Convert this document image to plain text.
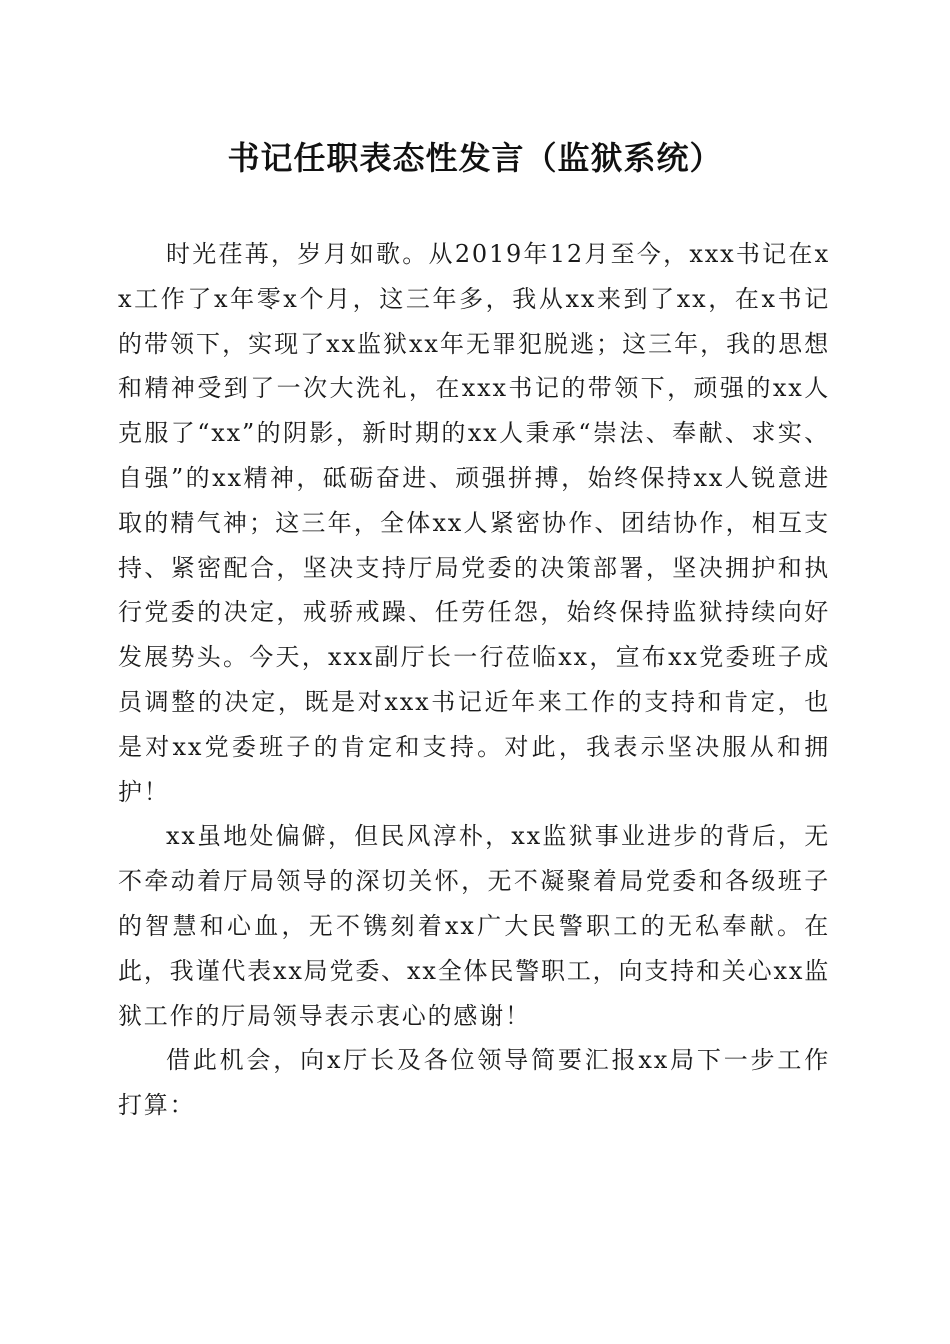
书记任职表态性发言（监狱系统）

时光荏苒，岁月如歌。从2019年12月至今，xxx书记在xx工作了x年零x个月，这三年多，我从xx来到了xx，在x书记的带领下，实现了xx监狱xx年无罪犯脱逃；这三年，我的思想和精神受到了一次大洗礼，在xxx书记的带领下，顽强的xx人克服了“xx”的阴影，新时期的xx人秉承“崇法、奉献、求实、自强”的xx精神，砥砺奋进、顽强拼搏，始终保持xx人锐意进取的精气神；这三年，全体xx人紧密协作、团结协作，相互支持、紧密配合，坚决支持厅局党委的决策部署，坚决拥护和执行党委的决定，戒骄戒躁、任劳任怨，始终保持监狱持续向好发展势头。今天，xxx副厅长一行莅临xx，宣布xx党委班子成员调整的决定，既是对xxx书记近年来工作的支持和肯定，也是对xx党委班子的肯定和支持。对此，我表示坚决服从和拥护！

xx虽地处偏僻，但民风淳朴，xx监狱事业进步的背后，无不牵动着厅局领导的深切关怀，无不凝聚着局党委和各级班子的智慧和心血，无不镌刻着xx广大民警职工的无私奉献。在此，我谨代表xx局党委、xx全体民警职工，向支持和关心xx监狱工作的厅局领导表示衷心的感谢！

借此机会，向x厅长及各位领导简要汇报xx局下一步工作打算：
